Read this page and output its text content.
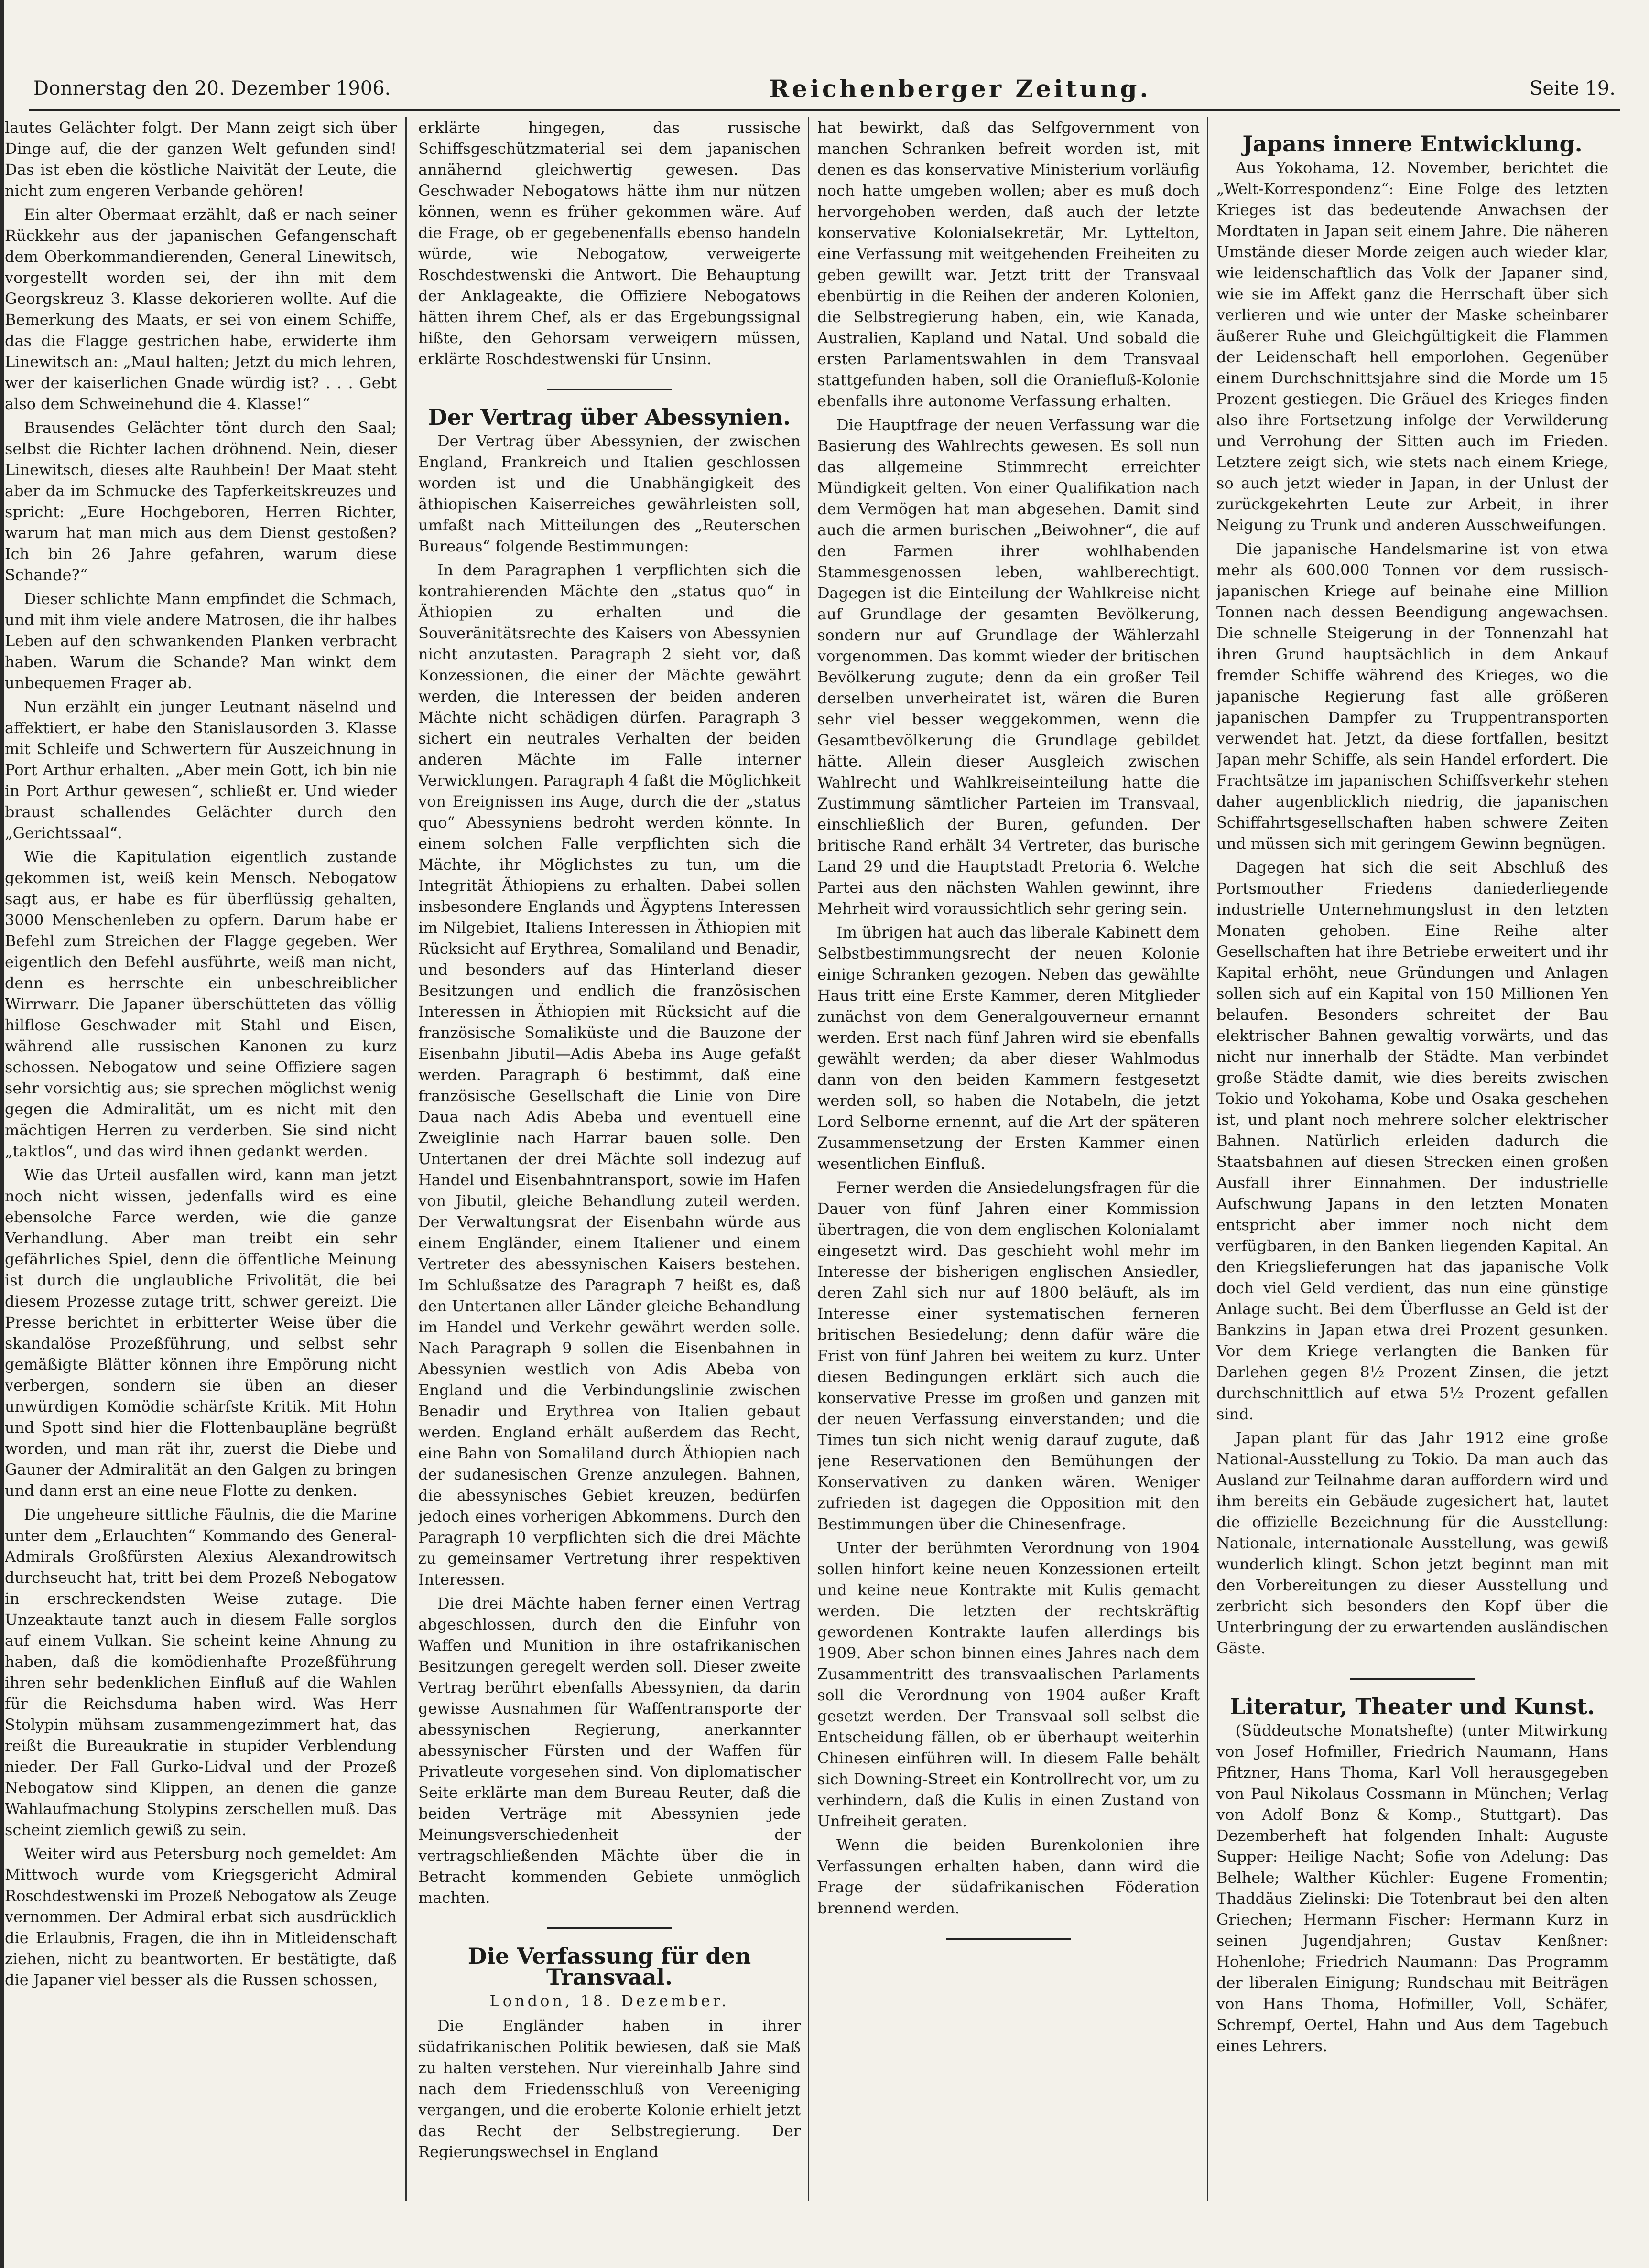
Donnerstag den 20. Dezember 1906.	Reichenberger Zeitung.	Seite 19.

lautes Gelächter folgt. Der Mann zeigt sich über Dinge auf, die der ganzen Welt gefunden sind! Das ist eben die köstliche Naivität der Leute, die nicht zum engeren Verbande gehören!

Ein alter Obermaat erzählt, daß er nach seiner Rückkehr aus der japanischen Gefangenschaft dem Oberkommandierenden, General Linewitsch, vorgestellt worden sei, der ihn mit dem Georgskreuz 3. Klasse dekorieren wollte. Auf die Bemerkung des Maats, er sei von einem Schiffe, das die Flagge gestrichen habe, erwiderte ihm Linewitsch an: „Maul halten; Jetzt du mich lehren, wer der kaiserlichen Gnade würdig ist? . . . Gebt also dem Schweinehund die 4. Klasse!“

Brausendes Gelächter tönt durch den Saal; selbst die Richter lachen dröhnend. Nein, dieser Linewitsch, dieses alte Rauhbein! Der Maat steht aber da im Schmucke des Tapferkeitskreuzes und spricht: „Eure Hochgeboren, Herren Richter, warum hat man mich aus dem Dienst gestoßen? Ich bin 26 Jahre gefahren, warum diese Schande?“

Dieser schlichte Mann empfindet die Schmach, und mit ihm viele andere Matrosen, die ihr halbes Leben auf den schwankenden Planken verbracht haben. Warum die Schande? Man winkt dem unbequemen Frager ab.

Nun erzählt ein junger Leutnant näselnd und affektiert, er habe den Stanislausorden 3. Klasse mit Schleife und Schwertern für Auszeichnung in Port Arthur erhalten. „Aber mein Gott, ich bin nie in Port Arthur gewesen“, schließt er. Und wieder braust schallendes Gelächter durch den „Gerichtssaal“.

Wie die Kapitulation eigentlich zustande gekommen ist, weiß kein Mensch. Nebogatow sagt aus, er habe es für überflüssig gehalten, 3000 Menschenleben zu opfern. Darum habe er Befehl zum Streichen der Flagge gegeben. Wer eigentlich den Befehl ausführte, weiß man nicht, denn es herrschte ein unbeschreiblicher Wirrwarr. Die Japaner überschütteten das völlig hilflose Geschwader mit Stahl und Eisen, während alle russischen Kanonen zu kurz schossen. Nebogatow und seine Offiziere sagen sehr vorsichtig aus; sie sprechen möglichst wenig gegen die Admiralität, um es nicht mit den mächtigen Herren zu verderben. Sie sind nicht „taktlos“, und das wird ihnen gedankt werden.

Wie das Urteil ausfallen wird, kann man jetzt noch nicht wissen, jedenfalls wird es eine ebensolche Farce werden, wie die ganze Verhandlung. Aber man treibt ein sehr gefährliches Spiel, denn die öffentliche Meinung ist durch die unglaubliche Frivolität, die bei diesem Prozesse zutage tritt, schwer gereizt. Die Presse berichtet in erbitterter Weise über die skandalöse Prozeßführung, und selbst sehr gemäßigte Blätter können ihre Empörung nicht verbergen, sondern sie üben an dieser unwürdigen Komödie schärfste Kritik. Mit Hohn und Spott sind hier die Flottenbaupläne begrüßt worden, und man rät ihr, zuerst die Diebe und Gauner der Admiralität an den Galgen zu bringen und dann erst an eine neue Flotte zu denken.

Die ungeheure sittliche Fäulnis, die die Marine unter dem „Erlauchten“ Kommando des General-Admirals Großfürsten Alexius Alexandrowitsch durchseucht hat, tritt bei dem Prozeß Nebogatow in erschreckendsten Weise zutage. Die Unzeaktaute tanzt auch in diesem Falle sorglos auf einem Vulkan. Sie scheint keine Ahnung zu haben, daß die komödienhafte Prozeßführung ihren sehr bedenklichen Einfluß auf die Wahlen für die Reichsduma haben wird. Was Herr Stolypin mühsam zusammengezimmert hat, das reißt die Bureaukratie in stupider Verblendung nieder. Der Fall Gurko-Lidval und der Prozeß Nebogatow sind Klippen, an denen die ganze Wahlaufmachung Stolypins zerschellen muß. Das scheint ziemlich gewiß zu sein.

Weiter wird aus Petersburg noch gemeldet: Am Mittwoch wurde vom Kriegsgericht Admiral Roschdestwenski im Prozeß Nebogatow als Zeuge vernommen. Der Admiral erbat sich ausdrücklich die Erlaubnis, Fragen, die ihn in Mitleidenschaft ziehen, nicht zu beantworten. Er bestätigte, daß die Japaner viel besser als die Russen schossen,

erklärte hingegen, das russische Schiffsgeschützmaterial sei dem japanischen annähernd gleichwertig gewesen. Das Geschwader Nebogatows hätte ihm nur nützen können, wenn es früher gekommen wäre. Auf die Frage, ob er gegebenenfalls ebenso handeln würde, wie Nebogatow, verweigerte Roschdestwenski die Antwort. Die Behauptung der Anklageakte, die Offiziere Nebogatows hätten ihrem Chef, als er das Ergebungssignal hißte, den Gehorsam verweigern müssen, erklärte Roschdestwenski für Unsinn.

Der Vertrag über Abessynien.

Der Vertrag über Abessynien, der zwischen England, Frankreich und Italien geschlossen worden ist und die Unabhängigkeit des äthiopischen Kaiserreiches gewährleisten soll, umfaßt nach Mitteilungen des „Reuterschen Bureaus“ folgende Bestimmungen:

In dem Paragraphen 1 verpflichten sich die kontrahierenden Mächte den „status quo“ in Äthiopien zu erhalten und die Souveränitätsrechte des Kaisers von Abessynien nicht anzutasten. Paragraph 2 sieht vor, daß Konzessionen, die einer der Mächte gewährt werden, die Interessen der beiden anderen Mächte nicht schädigen dürfen. Paragraph 3 sichert ein neutrales Verhalten der beiden anderen Mächte im Falle interner Verwicklungen. Paragraph 4 faßt die Möglichkeit von Ereignissen ins Auge, durch die der „status quo“ Abessyniens bedroht werden könnte. In einem solchen Falle verpflichten sich die Mächte, ihr Möglichstes zu tun, um die Integrität Äthiopiens zu erhalten. Dabei sollen insbesondere Englands und Ägyptens Interessen im Nilgebiet, Italiens Interessen in Äthiopien mit Rücksicht auf Erythrea, Somaliland und Benadir, und besonders auf das Hinterland dieser Besitzungen und endlich die französischen Interessen in Äthiopien mit Rücksicht auf die französische Somaliküste und die Bauzone der Eisenbahn Jibutil—Adis Abeba ins Auge gefaßt werden. Paragraph 6 bestimmt, daß eine französische Gesellschaft die Linie von Dire Daua nach Adis Abeba und eventuell eine Zweiglinie nach Harrar bauen solle. Den Untertanen der drei Mächte soll indezug auf Handel und Eisenbahntransport, sowie im Hafen von Jibutil, gleiche Behandlung zuteil werden. Der Verwaltungsrat der Eisenbahn würde aus einem Engländer, einem Italiener und einem Vertreter des abessynischen Kaisers bestehen. Im Schlußsatze des Paragraph 7 heißt es, daß den Untertanen aller Länder gleiche Behandlung im Handel und Verkehr gewährt werden solle. Nach Paragraph 9 sollen die Eisenbahnen in Abessynien westlich von Adis Abeba von England und die Verbindungslinie zwischen Benadir und Erythrea von Italien gebaut werden. England erhält außerdem das Recht, eine Bahn von Somaliland durch Äthiopien nach der sudanesischen Grenze anzulegen. Bahnen, die abessynisches Gebiet kreuzen, bedürfen jedoch eines vorherigen Abkommens. Durch den Paragraph 10 verpflichten sich die drei Mächte zu gemeinsamer Vertretung ihrer respektiven Interessen.

Die drei Mächte haben ferner einen Vertrag abgeschlossen, durch den die Einfuhr von Waffen und Munition in ihre ostafrikanischen Besitzungen geregelt werden soll. Dieser zweite Vertrag berührt ebenfalls Abessynien, da darin gewisse Ausnahmen für Waffentransporte der abessynischen Regierung, anerkannter abessynischer Fürsten und der Waffen für Privatleute vorgesehen sind. Von diplomatischer Seite erklärte man dem Bureau Reuter, daß die beiden Verträge mit Abessynien jede Meinungsverschiedenheit der vertragschließenden Mächte über die in Betracht kommenden Gebiete unmöglich machten.

Die Verfassung für den Transvaal.
London, 18. Dezember.

Die Engländer haben in ihrer südafrikanischen Politik bewiesen, daß sie Maß zu halten verstehen. Nur viereinhalb Jahre sind nach dem Friedensschluß von Vereeniging vergangen, und die eroberte Kolonie erhielt jetzt das Recht der Selbstregierung. Der Regierungswechsel in England

hat bewirkt, daß das Selfgovernment von manchen Schranken befreit worden ist, mit denen es das konservative Ministerium vorläufig noch hatte umgeben wollen; aber es muß doch hervorgehoben werden, daß auch der letzte konservative Kolonialsekretär, Mr. Lyttelton, eine Verfassung mit weitgehenden Freiheiten zu geben gewillt war. Jetzt tritt der Transvaal ebenbürtig in die Reihen der anderen Kolonien, die Selbstregierung haben, ein, wie Kanada, Australien, Kapland und Natal. Und sobald die ersten Parlamentswahlen in dem Transvaal stattgefunden haben, soll die Oraniefluß-Kolonie ebenfalls ihre autonome Verfassung erhalten.

Die Hauptfrage der neuen Verfassung war die Basierung des Wahlrechts gewesen. Es soll nun das allgemeine Stimmrecht erreichter Mündigkeit gelten. Von einer Qualifikation nach dem Vermögen hat man abgesehen. Damit sind auch die armen burischen „Beiwohner“, die auf den Farmen ihrer wohlhabenden Stammesgenossen leben, wahlberechtigt. Dagegen ist die Einteilung der Wahlkreise nicht auf Grundlage der gesamten Bevölkerung, sondern nur auf Grundlage der Wählerzahl vorgenommen. Das kommt wieder der britischen Bevölkerung zugute; denn da ein großer Teil derselben unverheiratet ist, wären die Buren sehr viel besser weggekommen, wenn die Gesamtbevölkerung die Grundlage gebildet hätte. Allein dieser Ausgleich zwischen Wahlrecht und Wahlkreiseinteilung hatte die Zustimmung sämtlicher Parteien im Transvaal, einschließlich der Buren, gefunden. Der britische Rand erhält 34 Vertreter, das burische Land 29 und die Hauptstadt Pretoria 6. Welche Partei aus den nächsten Wahlen gewinnt, ihre Mehrheit wird voraussichtlich sehr gering sein.

Im übrigen hat auch das liberale Kabinett dem Selbstbestimmungsrecht der neuen Kolonie einige Schranken gezogen. Neben das gewählte Haus tritt eine Erste Kammer, deren Mitglieder zunächst von dem Generalgouverneur ernannt werden. Erst nach fünf Jahren wird sie ebenfalls gewählt werden; da aber dieser Wahlmodus dann von den beiden Kammern festgesetzt werden soll, so haben die Notabeln, die jetzt Lord Selborne ernennt, auf die Art der späteren Zusammensetzung der Ersten Kammer einen wesentlichen Einfluß.

Ferner werden die Ansiedelungsfragen für die Dauer von fünf Jahren einer Kommission übertragen, die von dem englischen Kolonialamt eingesetzt wird. Das geschieht wohl mehr im Interesse der bisherigen englischen Ansiedler, deren Zahl sich nur auf 1800 beläuft, als im Interesse einer systematischen ferneren britischen Besiedelung; denn dafür wäre die Frist von fünf Jahren bei weitem zu kurz. Unter diesen Bedingungen erklärt sich auch die konservative Presse im großen und ganzen mit der neuen Verfassung einverstanden; und die Times tun sich nicht wenig darauf zugute, daß jene Reservationen den Bemühungen der Konservativen zu danken wären. Weniger zufrieden ist dagegen die Opposition mit den Bestimmungen über die Chinesenfrage.

Unter der berühmten Verordnung von 1904 sollen hinfort keine neuen Konzessionen erteilt und keine neue Kontrakte mit Kulis gemacht werden. Die letzten der rechtskräftig gewordenen Kontrakte laufen allerdings bis 1909. Aber schon binnen eines Jahres nach dem Zusammentritt des transvaalischen Parlaments soll die Verordnung von 1904 außer Kraft gesetzt werden. Der Transvaal soll selbst die Entscheidung fällen, ob er überhaupt weiterhin Chinesen einführen will. In diesem Falle behält sich Downing-Street ein Kontrollrecht vor, um zu verhindern, daß die Kulis in einen Zustand von Unfreiheit geraten.

Wenn die beiden Burenkolonien ihre Verfassungen erhalten haben, dann wird die Frage der südafrikanischen Föderation brennend werden.

Japans innere Entwicklung.

Aus Yokohama, 12. November, berichtet die „Welt-Korrespondenz“: Eine Folge des letzten Krieges ist das bedeutende Anwachsen der Mordtaten in Japan seit einem Jahre. Die näheren Umstände dieser Morde zeigen auch wieder klar, wie leidenschaftlich das Volk der Japaner sind, wie sie im Affekt ganz die Herrschaft über sich verlieren und wie unter der Maske scheinbarer äußerer Ruhe und Gleichgültigkeit die Flammen der Leidenschaft hell emporlohen. Gegenüber einem Durchschnittsjahre sind die Morde um 15 Prozent gestiegen. Die Gräuel des Krieges finden also ihre Fortsetzung infolge der Verwilderung und Verrohung der Sitten auch im Frieden. Letztere zeigt sich, wie stets nach einem Kriege, so auch jetzt wieder in Japan, in der Unlust der zurückgekehrten Leute zur Arbeit, in ihrer Neigung zu Trunk und anderen Ausschweifungen.

Die japanische Handelsmarine ist von etwa mehr als 600.000 Tonnen vor dem russisch-japanischen Kriege auf beinahe eine Million Tonnen nach dessen Beendigung angewachsen. Die schnelle Steigerung in der Tonnenzahl hat ihren Grund hauptsächlich in dem Ankauf fremder Schiffe während des Krieges, wo die japanische Regierung fast alle größeren japanischen Dampfer zu Truppentransporten verwendet hat. Jetzt, da diese fortfallen, besitzt Japan mehr Schiffe, als sein Handel erfordert. Die Frachtsätze im japanischen Schiffsverkehr stehen daher augenblicklich niedrig, die japanischen Schiffahrtsgesellschaften haben schwere Zeiten und müssen sich mit geringem Gewinn begnügen.

Dagegen hat sich die seit Abschluß des Portsmouther Friedens daniederliegende industrielle Unternehmungslust in den letzten Monaten gehoben. Eine Reihe alter Gesellschaften hat ihre Betriebe erweitert und ihr Kapital erhöht, neue Gründungen und Anlagen sollen sich auf ein Kapital von 150 Millionen Yen belaufen. Besonders schreitet der Bau elektrischer Bahnen gewaltig vorwärts, und das nicht nur innerhalb der Städte. Man verbindet große Städte damit, wie dies bereits zwischen Tokio und Yokohama, Kobe und Osaka geschehen ist, und plant noch mehrere solcher elektrischer Bahnen. Natürlich erleiden dadurch die Staatsbahnen auf diesen Strecken einen großen Ausfall ihrer Einnahmen. Der industrielle Aufschwung Japans in den letzten Monaten entspricht aber immer noch nicht dem verfügbaren, in den Banken liegenden Kapital. An den Kriegslieferungen hat das japanische Volk doch viel Geld verdient, das nun eine günstige Anlage sucht. Bei dem Überflusse an Geld ist der Bankzins in Japan etwa drei Prozent gesunken. Vor dem Kriege verlangten die Banken für Darlehen gegen 8½ Prozent Zinsen, die jetzt durchschnittlich auf etwa 5½ Prozent gefallen sind.

Japan plant für das Jahr 1912 eine große National-Ausstellung zu Tokio. Da man auch das Ausland zur Teilnahme daran auffordern wird und ihm bereits ein Gebäude zugesichert hat, lautet die offizielle Bezeichnung für die Ausstellung: Nationale, internationale Ausstellung, was gewiß wunderlich klingt. Schon jetzt beginnt man mit den Vorbereitungen zu dieser Ausstellung und zerbricht sich besonders den Kopf über die Unterbringung der zu erwartenden ausländischen Gäste.

Literatur, Theater und Kunst.

(Süddeutsche Monatshefte) (unter Mitwirkung von Josef Hofmiller, Friedrich Naumann, Hans Pfitzner, Hans Thoma, Karl Voll herausgegeben von Paul Nikolaus Cossmann in München; Verlag von Adolf Bonz & Komp., Stuttgart). Das Dezemberheft hat folgenden Inhalt: Auguste Supper: Heilige Nacht; Sofie von Adelung: Das Belhele; Walther Küchler: Eugene Fromentin; Thaddäus Zielinski: Die Totenbraut bei den alten Griechen; Hermann Fischer: Hermann Kurz in seinen Jugendjahren; Gustav Kenßner: Hohenlohe; Friedrich Naumann: Das Programm der liberalen Einigung; Rundschau mit Beiträgen von Hans Thoma, Hofmiller, Voll, Schäfer, Schrempf, Oertel, Hahn und Aus dem Tagebuch eines Lehrers.
